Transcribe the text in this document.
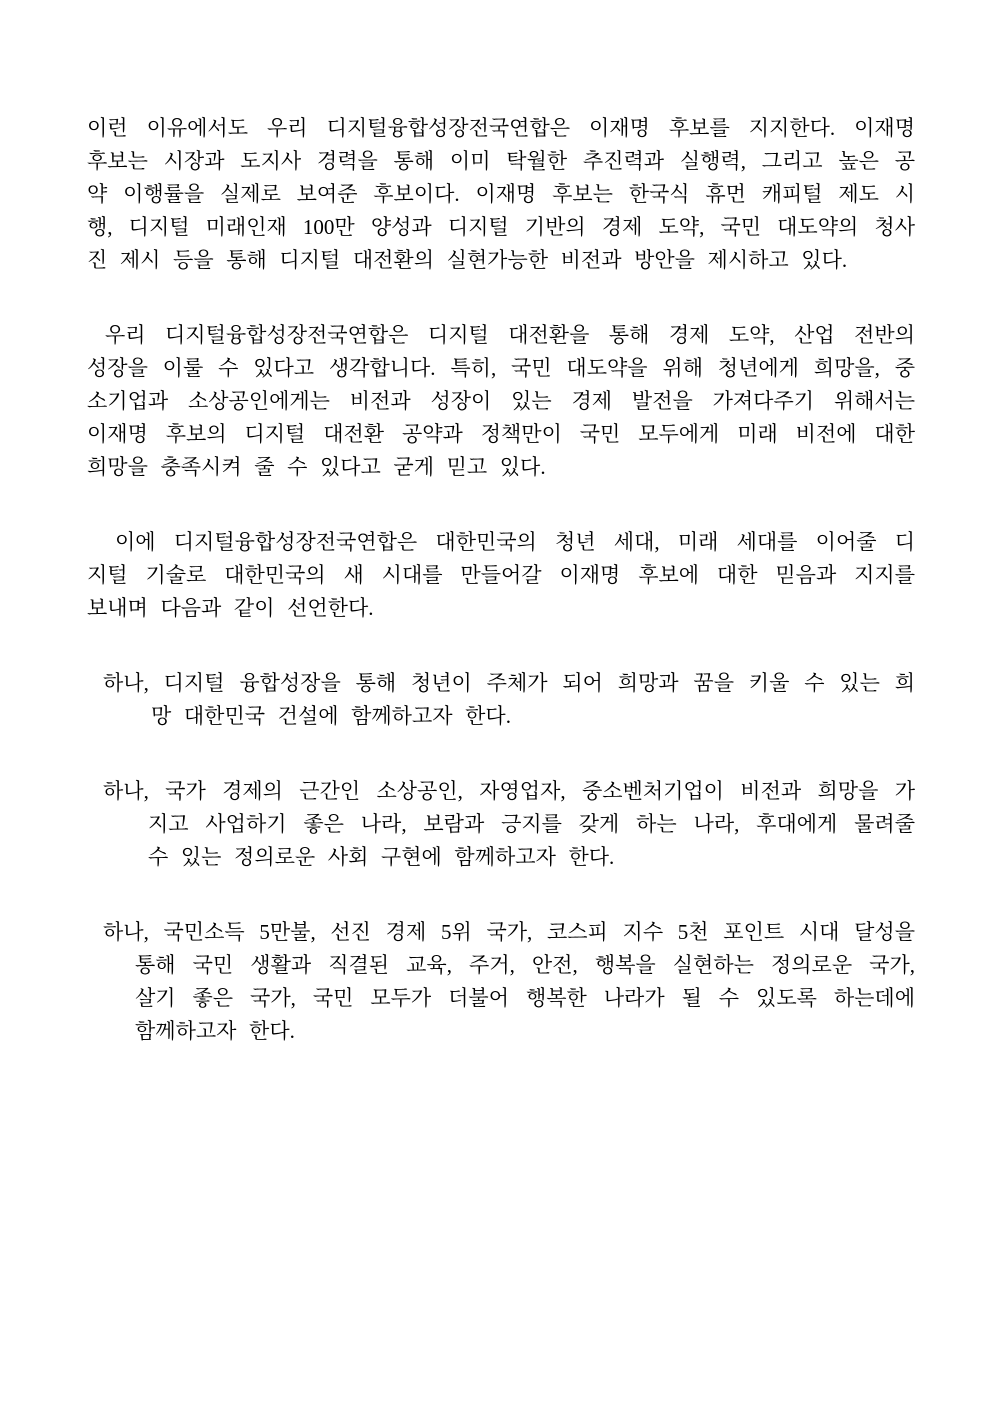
이런 이유에서도 우리 디지털융합성장전국연합은 이재명 후보를 지지한다. 이재명
후보는 시장과 도지사 경력을 통해 이미 탁월한 추진력과 실행력, 그리고 높은 공
약 이행률을 실제로 보여준 후보이다. 이재명 후보는 한국식 휴먼 캐피털 제도 시
행, 디지털 미래인재 100만 양성과 디지털 기반의 경제 도약, 국민 대도약의 청사
진 제시 등을 통해 디지털 대전환의 실현가능한 비전과 방안을 제시하고 있다.
우리 디지털융합성장전국연합은 디지털 대전환을 통해 경제 도약, 산업 전반의
성장을 이룰 수 있다고 생각합니다. 특히, 국민 대도약을 위해 청년에게 희망을, 중
소기업과 소상공인에게는 비전과 성장이 있는 경제 발전을 가져다주기 위해서는
이재명 후보의 디지털 대전환 공약과 정책만이 국민 모두에게 미래 비전에 대한
희망을 충족시켜 줄 수 있다고 굳게 믿고 있다.
이에 디지털융합성장전국연합은 대한민국의 청년 세대, 미래 세대를 이어줄 디
지털 기술로 대한민국의 새 시대를 만들어갈 이재명 후보에 대한 믿음과 지지를
보내며 다음과 같이 선언한다.
하나, 디지털 융합성장을 통해 청년이 주체가 되어 희망과 꿈을 키울 수 있는 희
망 대한민국 건설에 함께하고자 한다.
하나, 국가 경제의 근간인 소상공인, 자영업자, 중소벤처기업이 비전과 희망을 가
지고 사업하기 좋은 나라, 보람과 긍지를 갖게 하는 나라, 후대에게 물려줄
수 있는 정의로운 사회 구현에 함께하고자 한다.
하나, 국민소득 5만불, 선진 경제 5위 국가, 코스피 지수 5천 포인트 시대 달성을
통해 국민 생활과 직결된 교육, 주거, 안전, 행복을 실현하는 정의로운 국가,
살기 좋은 국가, 국민 모두가 더불어 행복한 나라가 될 수 있도록 하는데에
함께하고자 한다.
